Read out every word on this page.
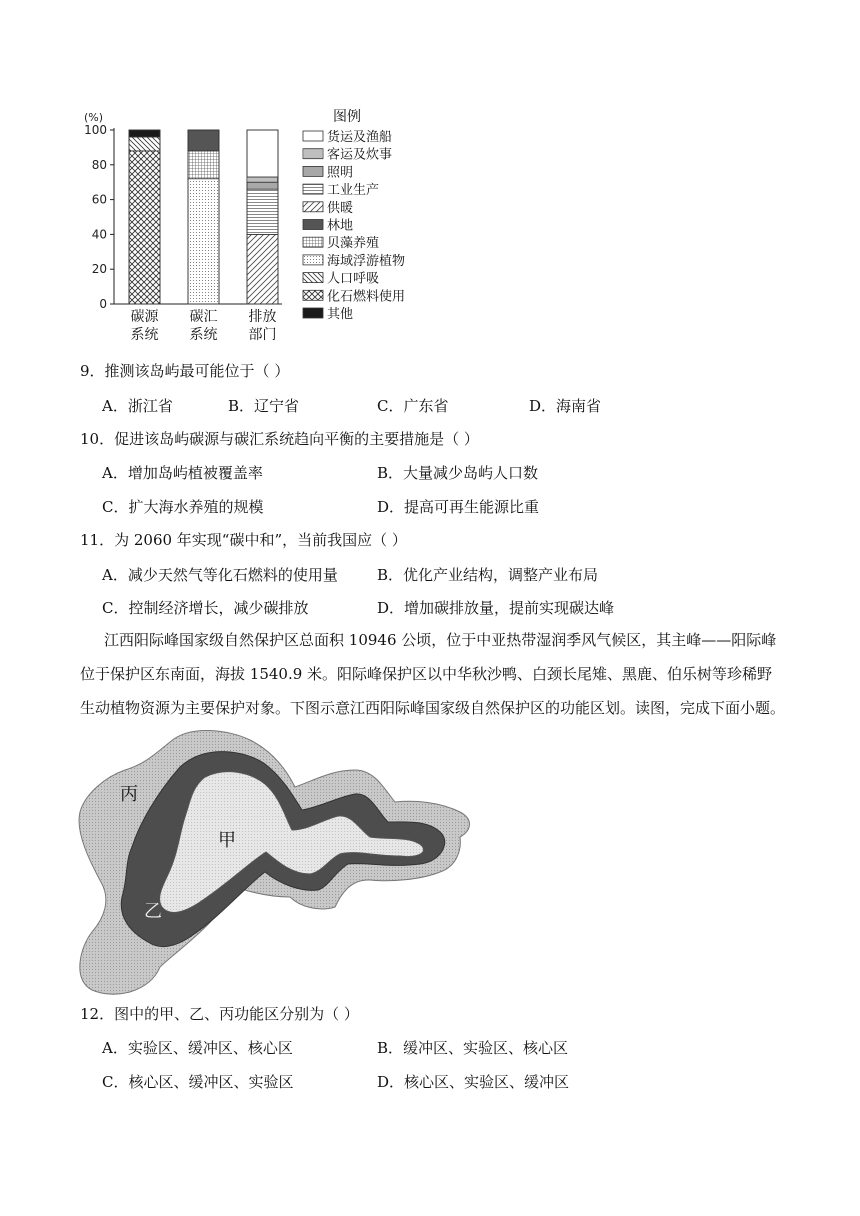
0
20
40
60
80
100
(%)
碳源
系统
碳汇
系统
排放
部门
图例
货运及渔船
客运及炊事
照明
工业生产
供暖
林地
贝藻养殖
海域浮游植物
人口呼吸
化石燃料使用
其他
9．推测该岛屿最可能位于（ ）
A．浙江省	B．辽宁省	C．广东省	D．海南省
10．促进该岛屿碳源与碳汇系统趋向平衡的主要措施是（ ）
A．增加岛屿植被覆盖率	B．大量减少岛屿人口数
C．扩大海水养殖的规模	D．提高可再生能源比重
11．为 2060 年实现“碳中和”，当前我国应（ ）
A．减少天然气等化石燃料的使用量	B．优化产业结构，调整产业布局
C．控制经济增长，减少碳排放	D．增加碳排放量，提前实现碳达峰
江西阳际峰国家级自然保护区总面积 10946 公顷，位于中亚热带湿润季风气候区，其主峰——阳际峰位于保护区东南面，海拔 1540.9 米。阳际峰保护区以中华秋沙鸭、白颈长尾雉、黑鹿、伯乐树等珍稀野生动植物资源为主要保护对象。下图示意江西阳际峰国家级自然保护区的功能区划。读图，完成下面小题。
丙
甲
乙
12．图中的甲、乙、丙功能区分别为（ ）
A．实验区、缓冲区、核心区	B．缓冲区、实验区、核心区
C．核心区、缓冲区、实验区	D．核心区、实验区、缓冲区
